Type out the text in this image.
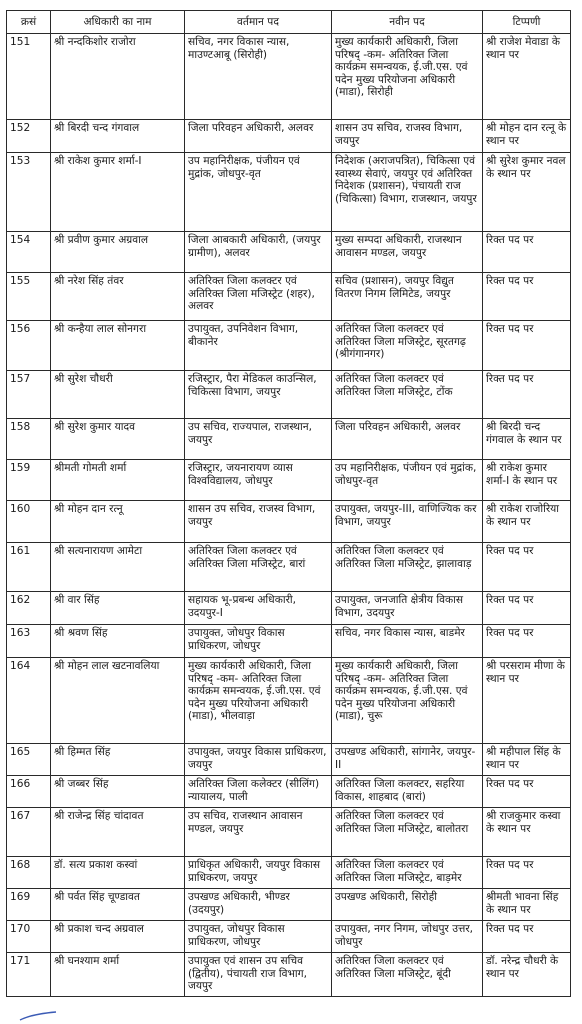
क्रसं	अधिकारी का नाम	वर्तमान पद	नवीन पद	टिप्पणी
151	श्री नन्दकिशोर राजोरा	सचिव, नगर विकास न्यास, माउण्टआबू (सिरोही)	मुख्य कार्यकारी अधिकारी, जिला परिषद् -कम- अतिरिक्त जिला कार्यक्रम समन्वयक, ई.जी.एस. एवं पदेन मुख्य परियोजना अधिकारी (माडा), सिरोही	श्री राजेश मेवाडा के स्थान पर
152	श्री बिरदी चन्द गंगवाल	जिला परिवहन अधिकारी, अलवर	शासन उप सचिव, राजस्व विभाग, जयपुर	श्री मोहन दान रत्नू के स्थान पर
153	श्री राकेश कुमार शर्मा-I	उप महानिरीक्षक, पंजीयन एवं मुद्रांक, जोधपुर-वृत	निदेशक (अराजपत्रित), चिकित्सा एवं स्वास्थ्य सेवाएं, जयपुर एवं अतिरिक्त निदेशक (प्रशासन), पंचायती राज (चिकित्सा) विभाग, राजस्थान, जयपुर	श्री सुरेश कुमार नवल के स्थान पर
154	श्री प्रवीण कुमार अग्रवाल	जिला आबकारी अधिकारी, (जयपुर ग्रामीण), अलवर	मुख्य सम्पदा अधिकारी, राजस्थान आवासन मण्डल, जयपुर	रिक्त पद पर
155	श्री नरेश सिंह तंवर	अतिरिक्त जिला कलक्टर एवं अतिरिक्त जिला मजिस्ट्रेट (शहर), अलवर	सचिव (प्रशासन), जयपुर विद्युत वितरण निगम लिमिटेड, जयपुर	रिक्त पद पर
156	श्री कन्हैया लाल सोनगरा	उपायुक्त, उपनिवेशन विभाग, बीकानेर	अतिरिक्त जिला कलक्टर एवं अतिरिक्त जिला मजिस्ट्रेट, सूरतगढ़ (श्रीगंगानगर)	रिक्त पद पर
157	श्री सुरेश चौधरी	रजिस्ट्रार, पैरा मेडिकल काउन्सिल, चिकित्सा विभाग, जयपुर	अतिरिक्त जिला कलक्टर एवं अतिरिक्त जिला मजिस्ट्रेट, टोंक	रिक्त पद पर
158	श्री सुरेश कुमार यादव	उप सचिव, राज्यपाल, राजस्थान, जयपुर	जिला परिवहन अधिकारी, अलवर	श्री बिरदी चन्द गंगवाल के स्थान पर
159	श्रीमती गोमती शर्मा	रजिस्ट्रार, जयनारायण व्यास विश्वविद्यालय, जोधपुर	उप महानिरीक्षक, पंजीयन एवं मुद्रांक, जोधपुर-वृत	श्री राकेश कुमार शर्मा-I के स्थान पर
160	श्री मोहन दान रत्नू	शासन उप सचिव, राजस्व विभाग, जयपुर	उपायुक्त, जयपुर-III, वाणिज्यिक कर विभाग, जयपुर	श्री राकेश राजोरिया के स्थान पर
161	श्री सत्यनारायण आमेटा	अतिरिक्त जिला कलक्टर एवं अतिरिक्त जिला मजिस्ट्रेट, बारां	अतिरिक्त जिला कलक्टर एवं अतिरिक्त जिला मजिस्ट्रेट, झालावाड़	रिक्त पद पर
162	श्री वार सिंह	सहायक भू-प्रबन्ध अधिकारी, उदयपुर-I	उपायुक्त, जनजाति क्षेत्रीय विकास विभाग, उदयपुर	रिक्त पद पर
163	श्री श्रवण सिंह	उपायुक्त, जोधपुर विकास प्राधिकरण, जोधपुर	सचिव, नगर विकास न्यास, बाडमेर	रिक्त पद पर
164	श्री मोहन लाल खटनावलिया	मुख्य कार्यकारी अधिकारी, जिला परिषद् -कम- अतिरिक्त जिला कार्यक्रम समन्वयक, ई.जी.एस. एवं पदेन मुख्य परियोजना अधिकारी (माडा), भीलवाड़ा	मुख्य कार्यकारी अधिकारी, जिला परिषद् -कम- अतिरिक्त जिला कार्यक्रम समन्वयक, ई.जी.एस. एवं पदेन मुख्य परियोजना अधिकारी (माडा), चुरू	श्री परसराम मीणा के स्थान पर
165	श्री हिम्मत सिंह	उपायुक्त, जयपुर विकास प्राधिकरण, जयपुर	उपखण्ड अधिकारी, सांगानेर, जयपुर-II	श्री महीपाल सिंह के स्थान पर
166	श्री जब्बर सिंह	अतिरिक्त जिला कलेक्टर (सीलिंग) न्यायालय, पाली	अतिरिक्त जिला कलक्टर, सहरिया विकास, शाहबाद (बारां)	रिक्त पद पर
167	श्री राजेन्द्र सिंह चांदावत	उप सचिव, राजस्थान आवासन मण्डल, जयपुर	अतिरिक्त जिला कलक्टर एवं अतिरिक्त जिला मजिस्ट्रेट, बालोतरा	श्री राजकुमार कस्वा के स्थान पर
168	डॉ. सत्य प्रकाश कस्वां	प्राधिकृत अधिकारी, जयपुर विकास प्राधिकरण, जयपुर	अतिरिक्त जिला कलक्टर एवं अतिरिक्त जिला मजिस्ट्रेट, बाड़मेर	रिक्त पद पर
169	श्री पर्वत सिंह चूण्डावत	उपखण्ड अधिकारी, भीण्डर (उदयपुर)	उपखण्ड अधिकारी, सिरोही	श्रीमती भावना सिंह के स्थान पर
170	श्री प्रकाश चन्द अग्रवाल	उपायुक्त, जोधपुर विकास प्राधिकरण, जोधपुर	उपायुक्त, नगर निगम, जोधपुर उत्तर, जोधपुर	रिक्त पद पर
171	श्री घनश्याम शर्मा	उपायुक्त एवं शासन उप सचिव (द्वितीय), पंचायती राज विभाग, जयपुर	अतिरिक्त जिला कलक्टर एवं अतिरिक्त जिला मजिस्ट्रेट, बूंदी	डॉ. नरेन्द्र चौधरी के स्थान पर
